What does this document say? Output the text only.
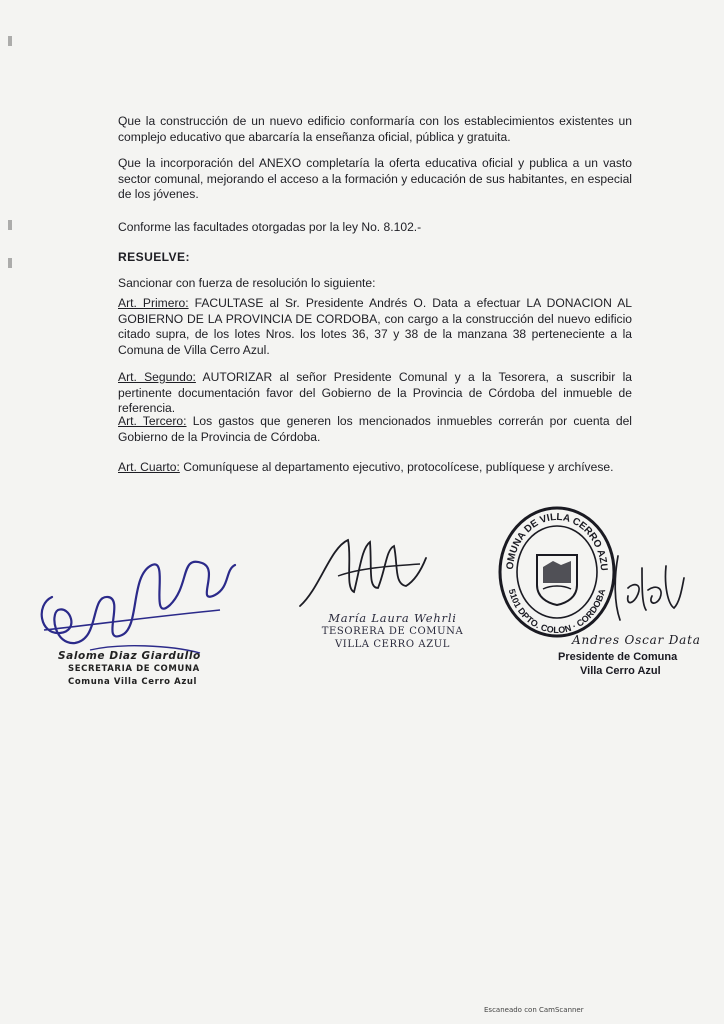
Que la construcción de un nuevo edificio conformaría con los establecimientos existentes un complejo educativo que abarcaría la enseñanza oficial, pública y gratuita.

Que la incorporación del ANEXO completaría la oferta educativa oficial y publica a un vasto sector comunal, mejorando el acceso a la formación y educación de sus habitantes, en especial de los jóvenes.

Conforme las facultades otorgadas por la ley No. 8.102.-

RESUELVE:

Sancionar con fuerza de resolución lo siguiente:

Art. Primero: FACULTASE al Sr. Presidente Andrés O. Data a efectuar LA DONACION AL GOBIERNO DE LA PROVINCIA DE CORDOBA, con cargo a la construcción del nuevo edificio citado supra, de los lotes Nros. los lotes 36, 37 y 38 de la manzana 38 perteneciente a la Comuna de Villa Cerro Azul.

Art. Segundo: AUTORIZAR al señor Presidente Comunal y a la Tesorera, a suscribir la pertinente documentación favor del Gobierno de la Provincia de Córdoba del inmueble de referencia.

Art. Tercero: Los gastos que generen los mencionados inmuebles correrán por cuenta del Gobierno de la Provincia de Córdoba.

Art. Cuarto: Comuníquese al departamento ejecutivo, protocolícese, publíquese y archívese.

Salome Diaz Giardullo
SECRETARIA DE COMUNA
Comuna Villa Cerro Azul
María Laura Wehrli
TESORERA DE COMUNA
VILLA CERRO AZUL
COMUNA DE VILLA CERRO AZUL
5101 DPTO. COLON · CORDOBA
Andres Oscar Data
Presidente de Comuna
Villa Cerro Azul
Escaneado con CamScanner
